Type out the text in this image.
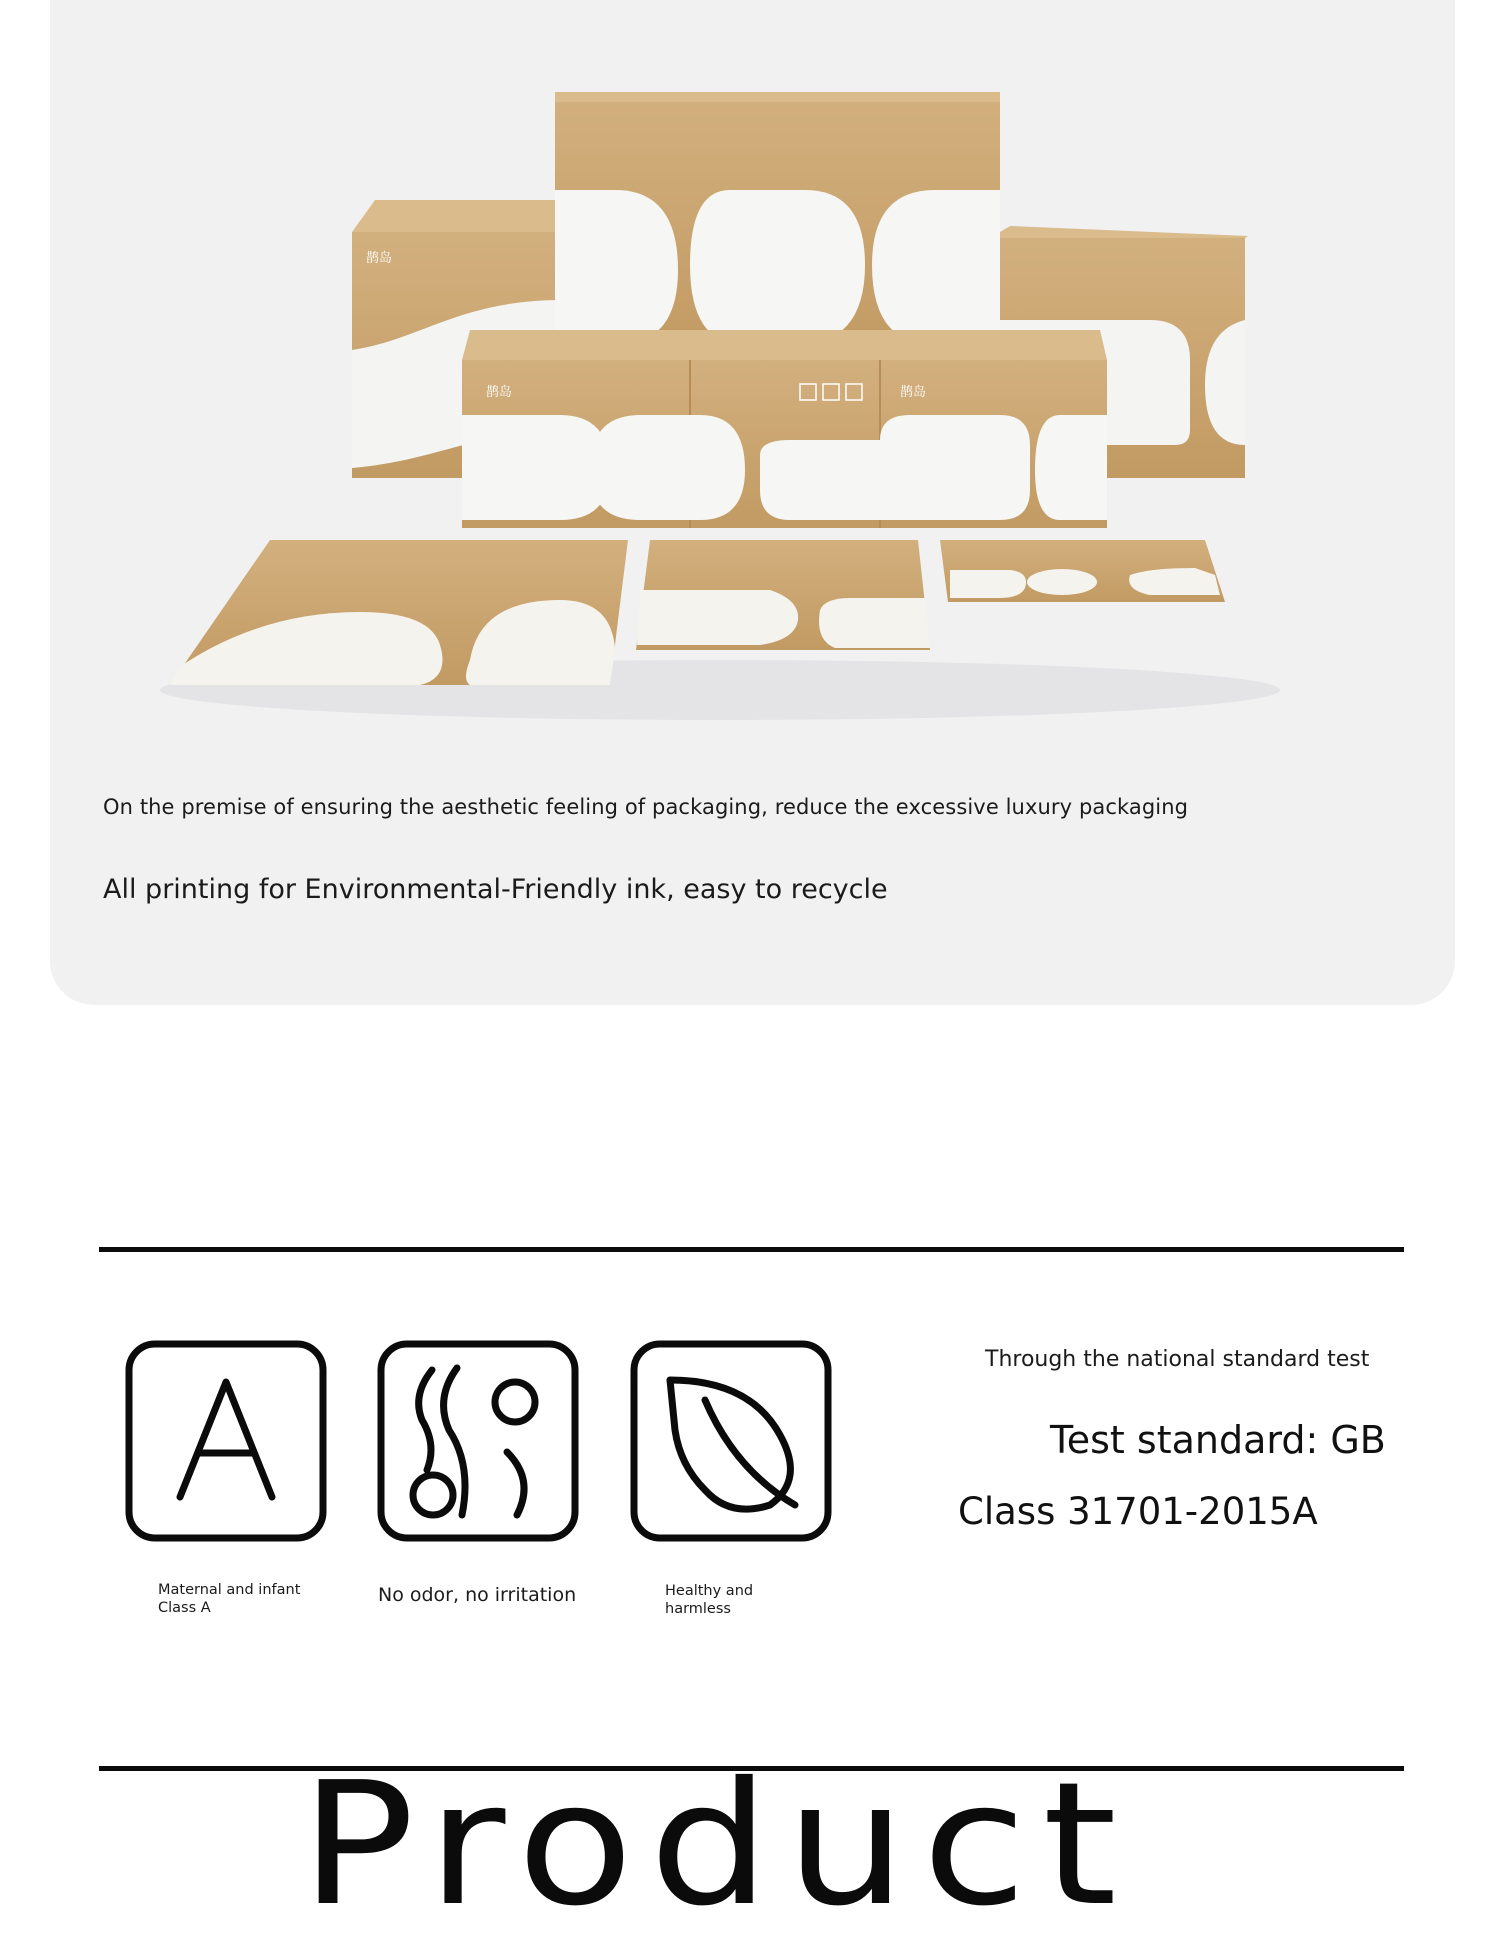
鹊岛
鹊岛	鹊岛
On the premise of ensuring the aesthetic feeling of packaging, reduce the excessive luxury packaging
All printing for Environmental-Friendly ink, easy to recycle
Maternal and infant
Class A
No odor, no irritation	Healthy and
harmless
Through the national standard test
Test standard: GB
Class 31701-2015A
Product
